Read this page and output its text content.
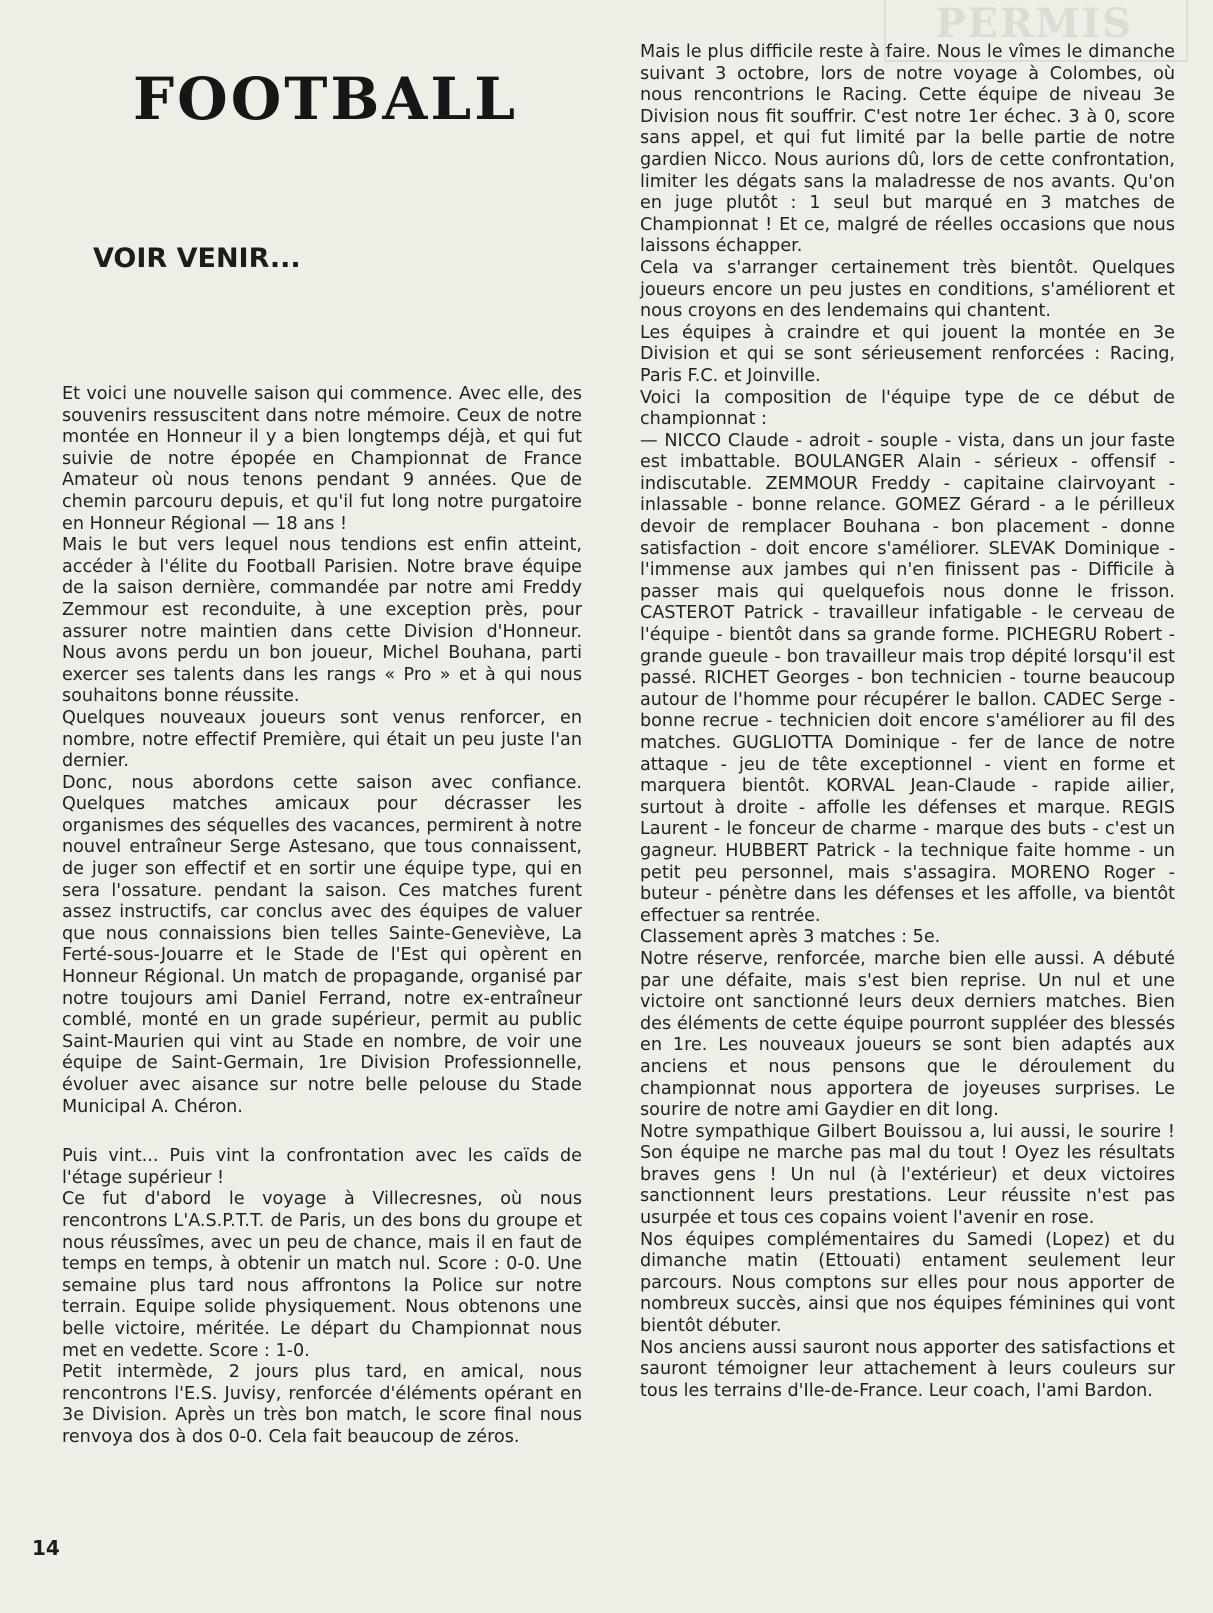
PERMIS
FOOTBALL
VOIR VENIR...

Et voici une nouvelle saison qui commence. Avec elle, des souvenirs ressuscitent dans notre mémoire. Ceux de notre montée en Honneur il y a bien longtemps déjà, et qui fut suivie de notre épopée en Championnat de France Amateur où nous tenons pendant 9 années. Que de chemin parcouru depuis, et qu'il fut long notre purgatoire en Honneur Régional — 18 ans !

Mais le but vers lequel nous tendions est enfin atteint, accéder à l'élite du Football Parisien. Notre brave équipe de la saison dernière, commandée par notre ami Freddy Zemmour est reconduite, à une exception près, pour assurer notre maintien dans cette Division d'Honneur. Nous avons perdu un bon joueur, Michel Bouhana, parti exercer ses talents dans les rangs « Pro » et à qui nous souhaitons bonne réussite.

Quelques nouveaux joueurs sont venus renforcer, en nombre, notre effectif Première, qui était un peu juste l'an dernier.

Donc, nous abordons cette saison avec confiance. Quelques matches amicaux pour décrasser les organismes des séquelles des vacances, permirent à notre nouvel entraîneur Serge Astesano, que tous connaissent, de juger son effectif et en sortir une équipe type, qui en sera l'ossature. pendant la saison. Ces matches furent assez instructifs, car conclus avec des équipes de valuer que nous connaissions bien telles Sainte-Geneviève, La Ferté-sous-Jouarre et le Stade de l'Est qui opèrent en Honneur Régional. Un match de propagande, organisé par notre toujours ami Daniel Ferrand, notre ex-entraîneur comblé, monté en un grade supérieur, permit au public Saint-Maurien qui vint au Stade en nombre, de voir une équipe de Saint-Germain, 1re Division Professionnelle, évoluer avec aisance sur notre belle pelouse du Stade Municipal A. Chéron.

Puis vint... Puis vint la confrontation avec les caïds de l'étage supérieur !

Ce fut d'abord le voyage à Villecresnes, où nous rencontrons L'A.S.P.T.T. de Paris, un des bons du groupe et nous réussîmes, avec un peu de chance, mais il en faut de temps en temps, à obtenir un match nul. Score : 0-0. Une semaine plus tard nous affrontons la Police sur notre terrain. Equipe solide physiquement. Nous obtenons une belle victoire, méritée. Le départ du Championnat nous met en vedette. Score : 1-0.

Petit intermède, 2 jours plus tard, en amical, nous rencontrons l'E.S. Juvisy, renforcée d'éléments opérant en 3e Division. Après un très bon match, le score final nous renvoya dos à dos 0-0. Cela fait beaucoup de zéros.

Mais le plus difficile reste à faire. Nous le vîmes le dimanche suivant 3 octobre, lors de notre voyage à Colombes, où nous rencontrions le Racing. Cette équipe de niveau 3e Division nous fit souffrir. C'est notre 1er échec. 3 à 0, score sans appel, et qui fut limité par la belle partie de notre gardien Nicco. Nous aurions dû, lors de cette confrontation, limiter les dégats sans la maladresse de nos avants. Qu'on en juge plutôt : 1 seul but marqué en 3 matches de Championnat ! Et ce, malgré de réelles occasions que nous laissons échapper.

Cela va s'arranger certainement très bientôt. Quelques joueurs encore un peu justes en conditions, s'améliorent et nous croyons en des lendemains qui chantent.

Les équipes à craindre et qui jouent la montée en 3e Division et qui se sont sérieusement renforcées : Racing, Paris F.C. et Joinville.

Voici la composition de l'équipe type de ce début de championnat :

— NICCO Claude - adroit - souple - vista, dans un jour faste est imbattable. BOULANGER Alain - sérieux - offensif - indiscutable. ZEMMOUR Freddy - capitaine clairvoyant - inlassable - bonne relance. GOMEZ Gérard - a le périlleux devoir de remplacer Bouhana - bon placement - donne satisfaction - doit encore s'améliorer. SLEVAK Dominique - l'immense aux jambes qui n'en finissent pas - Difficile à passer mais qui quelquefois nous donne le frisson. CASTEROT Patrick - travailleur infatigable - le cerveau de l'équipe - bientôt dans sa grande forme. PICHEGRU Robert - grande gueule - bon travailleur mais trop dépité lorsqu'il est passé. RICHET Georges - bon technicien - tourne beaucoup autour de l'homme pour récupérer le ballon. CADEC Serge - bonne recrue - technicien doit encore s'améliorer au fil des matches. GUGLIOTTA Dominique - fer de lance de notre attaque - jeu de tête exceptionnel - vient en forme et marquera bientôt. KORVAL Jean-Claude - rapide ailier, surtout à droite - affolle les défenses et marque. REGIS Laurent - le fonceur de charme - marque des buts - c'est un gagneur. HUBBERT Patrick - la technique faite homme - un petit peu personnel, mais s'assagira. MORENO Roger - buteur - pénètre dans les défenses et les affolle, va bientôt effectuer sa rentrée.

Classement après 3 matches : 5e.

Notre réserve, renforcée, marche bien elle aussi. A débuté par une défaite, mais s'est bien reprise. Un nul et une victoire ont sanctionné leurs deux derniers matches. Bien des éléments de cette équipe pourront suppléer des blessés en 1re. Les nouveaux joueurs se sont bien adaptés aux anciens et nous pensons que le déroulement du championnat nous apportera de joyeuses surprises. Le sourire de notre ami Gaydier en dit long.

Notre sympathique Gilbert Bouissou a, lui aussi, le sourire ! Son équipe ne marche pas mal du tout ! Oyez les résultats braves gens ! Un nul (à l'extérieur) et deux victoires sanctionnent leurs prestations. Leur réussite n'est pas usurpée et tous ces copains voient l'avenir en rose.

Nos équipes complémentaires du Samedi (Lopez) et du dimanche matin (Ettouati) entament seulement leur parcours. Nous comptons sur elles pour nous apporter de nombreux succès, ainsi que nos équipes féminines qui vont bientôt débuter.

Nos anciens aussi sauront nous apporter des satisfactions et sauront témoigner leur attachement à leurs couleurs sur tous les terrains d'Ile-de-France. Leur coach, l'ami Bardon.

14
